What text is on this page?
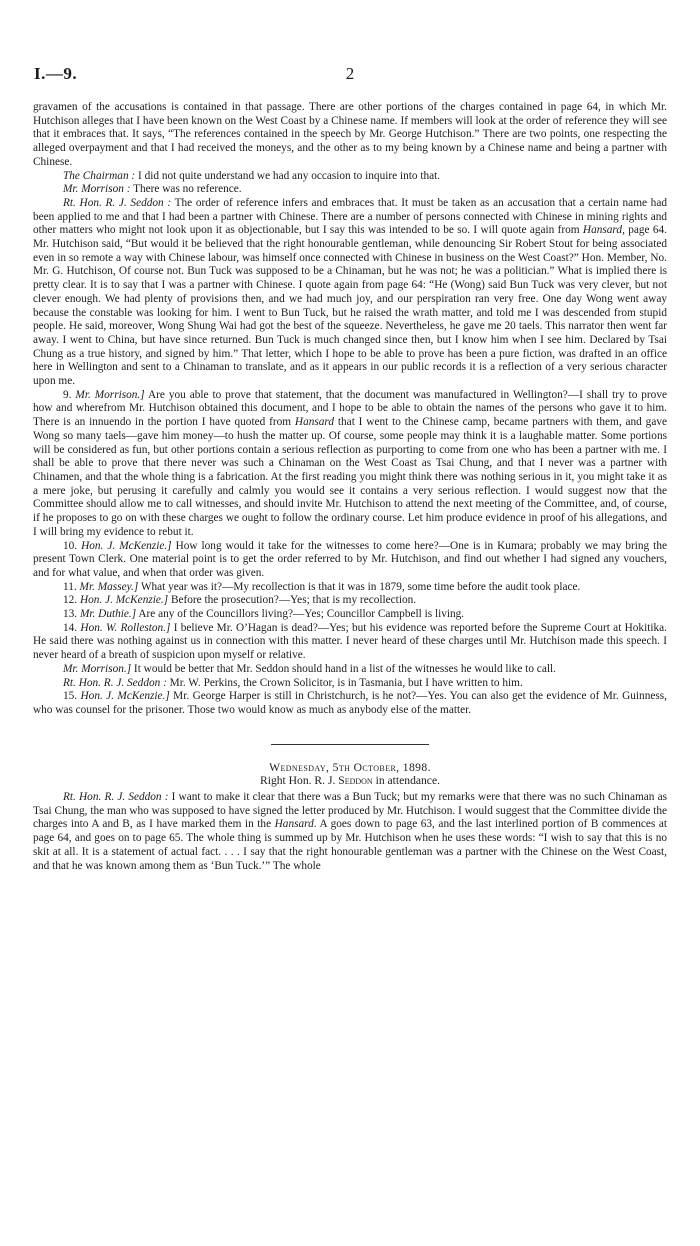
I.—9.	2

gravamen of the accusations is contained in that passage. There are other portions of the charges contained in page 64, in which Mr. Hutchison alleges that I have been known on the West Coast by a Chinese name. If members will look at the order of reference they will see that it embraces that. It says, “The references contained in the speech by Mr. George Hutchison.” There are two points, one respecting the alleged overpayment and that I had received the moneys, and the other as to my being known by a Chinese name and being a partner with Chinese.

The Chairman : I did not quite understand we had any occasion to inquire into that.

Mr. Morrison : There was no reference.

Rt. Hon. R. J. Seddon : The order of reference infers and embraces that. It must be taken as an accusation that a certain name had been applied to me and that I had been a partner with Chinese. There are a number of persons connected with Chinese in mining rights and other matters who might not look upon it as objectionable, but I say this was intended to be so. I will quote again from Hansard, page 64. Mr. Hutchison said, “But would it be believed that the right honourable gentleman, while denouncing Sir Robert Stout for being associated even in so remote a way with Chinese labour, was himself once connected with Chinese in business on the West Coast?” Hon. Member, No. Mr. G. Hutchison, Of course not. Bun Tuck was supposed to be a Chinaman, but he was not; he was a politician.” What is implied there is pretty clear. It is to say that I was a partner with Chinese. I quote again from page 64: “He (Wong) said Bun Tuck was very clever, but not clever enough. We had plenty of provisions then, and we had much joy, and our perspiration ran very free. One day Wong went away because the constable was looking for him. I went to Bun Tuck, but he raised the wrath matter, and told me I was descended from stupid people. He said, moreover, Wong Shung Wai had got the best of the squeeze. Nevertheless, he gave me 20 taels. This narrator then went far away. I went to China, but have since returned. Bun Tuck is much changed since then, but I know him when I see him. Declared by Tsai Chung as a true history, and signed by him.” That letter, which I hope to be able to prove has been a pure fiction, was drafted in an office here in Wellington and sent to a Chinaman to translate, and as it appears in our public records it is a reflection of a very serious character upon me.

9. Mr. Morrison.] Are you able to prove that statement, that the document was manufactured in Wellington?—I shall try to prove how and wherefrom Mr. Hutchison obtained this document, and I hope to be able to obtain the names of the persons who gave it to him. There is an innuendo in the portion I have quoted from Hansard that I went to the Chinese camp, became partners with them, and gave Wong so many taels—gave him money—to hush the matter up. Of course, some people may think it is a laughable matter. Some portions will be considered as fun, but other portions contain a serious reflection as purporting to come from one who has been a partner with me. I shall be able to prove that there never was such a Chinaman on the West Coast as Tsai Chung, and that I never was a partner with Chinamen, and that the whole thing is a fabrication. At the first reading you might think there was nothing serious in it, you might take it as a mere joke, but perusing it carefully and calmly you would see it contains a very serious reflection. I would suggest now that the Committee should allow me to call witnesses, and should invite Mr. Hutchison to attend the next meeting of the Committee, and, of course, if he proposes to go on with these charges we ought to follow the ordinary course. Let him produce evidence in proof of his allegations, and I will bring my evidence to rebut it.

10. Hon. J. McKenzie.] How long would it take for the witnesses to come here?—One is in Kumara; probably we may bring the present Town Clerk. One material point is to get the order referred to by Mr. Hutchison, and find out whether I had signed any vouchers, and for what value, and when that order was given.

11. Mr. Massey.] What year was it?—My recollection is that it was in 1879, some time before the audit took place.

12. Hon. J. McKenzie.] Before the prosecution?—Yes; that is my recollection.

13. Mr. Duthie.] Are any of the Councillors living?—Yes; Councillor Campbell is living.

14. Hon. W. Rolleston.] I believe Mr. O’Hagan is dead?—Yes; but his evidence was reported before the Supreme Court at Hokitika. He said there was nothing against us in connection with this matter. I never heard of these charges until Mr. Hutchison made this speech. I never heard of a breath of suspicion upon myself or relative.

Mr. Morrison.] It would be better that Mr. Seddon should hand in a list of the witnesses he would like to call.

Rt. Hon. R. J. Seddon : Mr. W. Perkins, the Crown Solicitor, is in Tasmania, but I have written to him.

15. Hon. J. McKenzie.] Mr. George Harper is still in Christchurch, is he not?—Yes. You can also get the evidence of Mr. Guinness, who was counsel for the prisoner. Those two would know as much as anybody else of the matter.

Wednesday, 5th October, 1898.
Right Hon. R. J. Seddon in attendance.

Rt. Hon. R. J. Seddon : I want to make it clear that there was a Bun Tuck; but my remarks were that there was no such Chinaman as Tsai Chung, the man who was supposed to have signed the letter produced by Mr. Hutchison. I would suggest that the Committee divide the charges into A and B, as I have marked them in the Hansard. A goes down to page 63, and the last interlined portion of B commences at page 64, and goes on to page 65. The whole thing is summed up by Mr. Hutchison when he uses these words: “I wish to say that this is no skit at all. It is a statement of actual fact. . . . I say that the right honourable gentleman was a partner with the Chinese on the West Coast, and that he was known among them as ‘Bun Tuck.’” The whole
